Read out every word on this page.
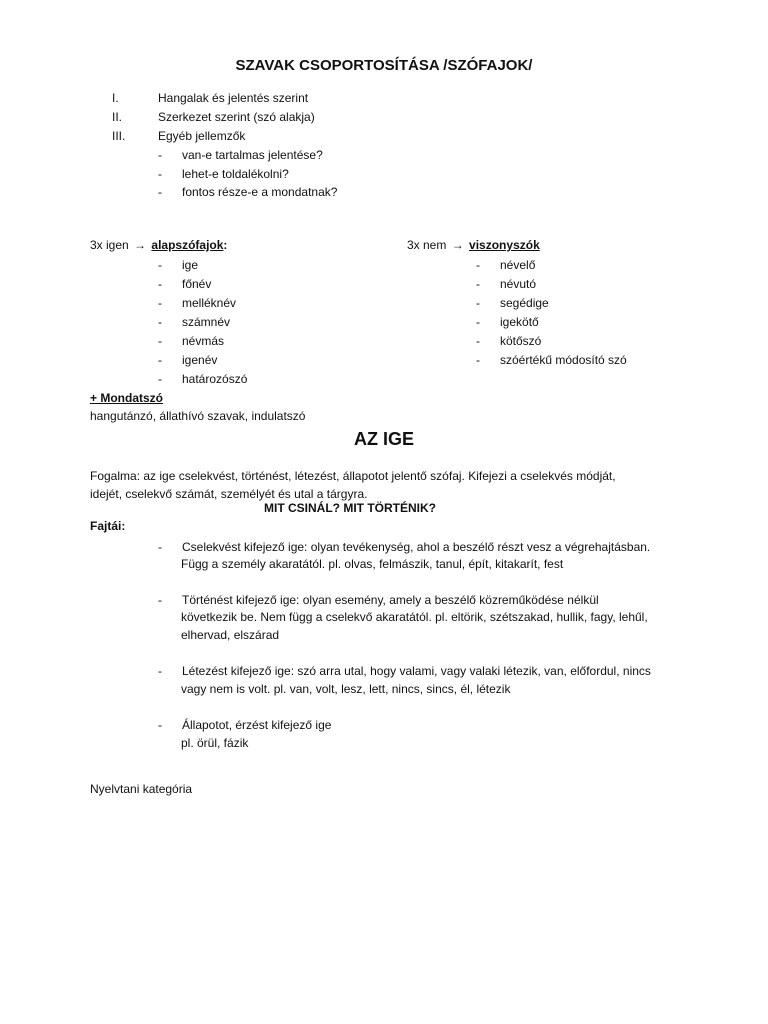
SZAVAK CSOPORTOSÍTÁSA /SZÓFAJOK/
I.	Hangalak és jelentés szerint
II.	Szerkezet szerint (szó alakja)
III.	Egyéb jellemzők
- van-e tartalmas jelentése?
- lehet-e toldalékolni?
- fontos része-e a mondatnak?
3x igen → alapszófajok:
- ige
- főnév
- melléknév
- számnév
- névmás
- igenév
- határozószó
3x nem → viszonyszók
- névelő
- névutó
- segédige
- igekötő
- kötőszó
- szóértékű módosító szó
+ Mondatszó
hangutánzó, állathívó szavak, indulatszó
AZ IGE
Fogalma: az ige cselekvést, történést, létezést, állapotot jelentő szófaj. Kifejezi a cselekvés módját,
idejét, cselekvő számát, személyét és utal a tárgyra.
MIT CSINÁL? MIT TÖRTÉNIK?
Fajtái:
- Cselekvést kifejező ige: olyan tevékenység, ahol a beszélő részt vesz a végrehajtásban.
Függ a személy akaratától. pl. olvas, felmászik, tanul, épít, kitakarít, fest
- Történést kifejező ige: olyan esemény, amely a beszélő közreműködése nélkül
következik be. Nem függ a cselekvő akaratától. pl. eltörik, szétszakad, hullik, fagy, lehűl,
elhervad, elszárad
- Létezést kifejező ige: szó arra utal, hogy valami, vagy valaki létezik, van, előfordul, nincs
vagy nem is volt. pl. van, volt, lesz, lett, nincs, sincs, él, létezik
- Állapotot, érzést kifejező ige
pl. örül, fázik
Nyelvtani kategória
